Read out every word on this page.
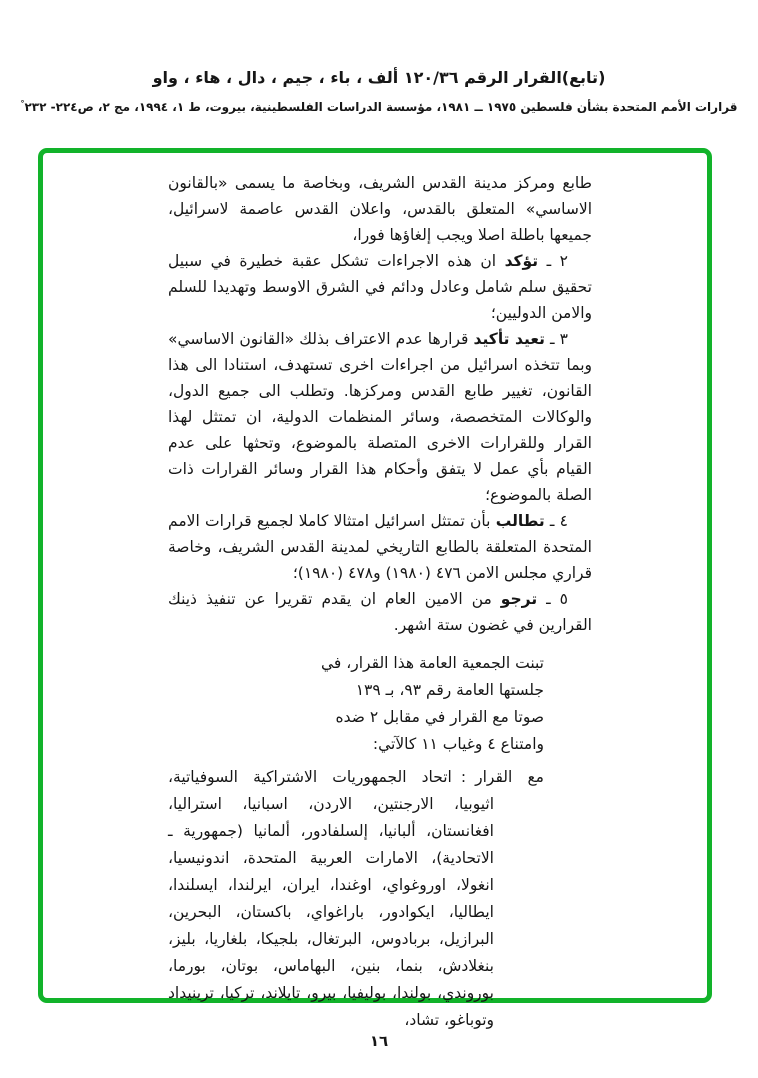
(تابع)القرار الرقم ١٢٠/٣٦ ألف ، باء ، جيم ، دال ، هاء ، واو
قرارات الأمم المتحدة بشأن فلسطين ١٩٧٥ ــ ١٩٨١، مؤسسة الدراسات الفلسطينية، بيروت، ط ١، ١٩٩٤، مج ٢، ص٢٢٤- ٢٣٢°

طابع ومركز مدينة القدس الشريف، وبخاصة ما يسمى «بالقانون الاساسي» المتعلق بالقدس، واعلان القدس عاصمة لاسرائيل، جميعها باطلة اصلا ويجب إلغاؤها فورا،

٢ ـ تؤكد ان هذه الاجراءات تشكل عقبة خطيرة في سبيل تحقيق سلم شامل وعادل ودائم في الشرق الاوسط وتهديدا للسلم والامن الدوليين؛

٣ ـ تعيد تأكيد قرارها عدم الاعتراف بذلك «القانون الاساسي» وبما تتخذه اسرائيل من اجراءات اخرى تستهدف، استنادا الى هذا القانون، تغيير طابع القدس ومركزها. وتطلب الى جميع الدول، والوكالات المتخصصة، وسائر المنظمات الدولية، ان تمتثل لهذا القرار وللقرارات الاخرى المتصلة بالموضوع، وتحثها على عدم القيام بأي عمل لا يتفق وأحكام هذا القرار وسائر القرارات ذات الصلة بالموضوع؛

٤ ـ تطالب بأن تمتثل اسرائيل امتثالا كاملا لجميع قرارات الامم المتحدة المتعلقة بالطابع التاريخي لمدينة القدس الشريف، وخاصة قراري مجلس الامن ٤٧٦ (١٩٨٠) و٤٧٨ (١٩٨٠)؛

٥ ـ ترجو من الامين العام ان يقدم تقريرا عن تنفيذ ذينك القرارين في غضون ستة اشهر.

تبنت الجمعية العامة هذا القرار، في
جلستها العامة رقم ٩٣، بـ ١٣٩
صوتا مع القرار في مقابل ٢ ضده
وامتناع ٤ وغياب ١١ كالآتي:

مع القرار:اتحاد الجمهوريات الاشتراكية السوفياتية، اثيوبيا، الارجنتين، الاردن، اسبانيا، استراليا، افغانستان، ألبانيا، إلسلفادور، ألمانيا (جمهورية ـ الاتحادية)، الامارات العربية المتحدة، اندونيسيا، انغولا، اوروغواي، اوغندا، ايران، ايرلندا، ايسلندا، ايطاليا، ايكوادور، باراغواي، باكستان، البحرين، البرازيل، بربادوس، البرتغال، بلجيكا، بلغاريا، بليز، بنغلادش، بنما، بنين، البهاماس، بوتان، بورما، بوروندي، بولندا، بوليفيا، بيرو، تايلاند، تركيا، ترينيداد وتوباغو، تشاد،

١٦
